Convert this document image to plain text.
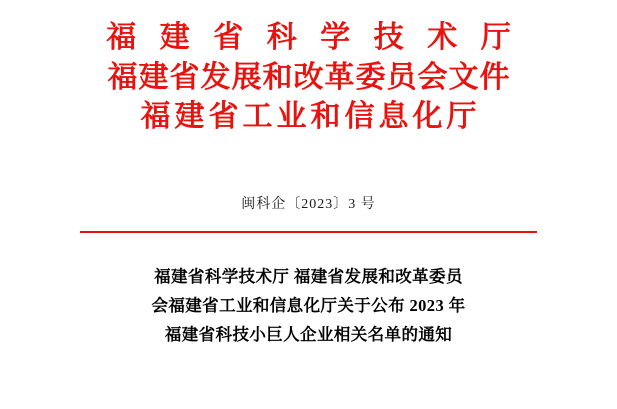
福 建 省 科 学 技 术 厅
福建省发展和改革委员会文件
福建省工业和信息化厅
闽科企〔2023〕3 号
福建省科学技术厅 福建省发展和改革委员
会福建省工业和信息化厅关于公布 2023 年
福建省科技小巨人企业相关名单的通知
